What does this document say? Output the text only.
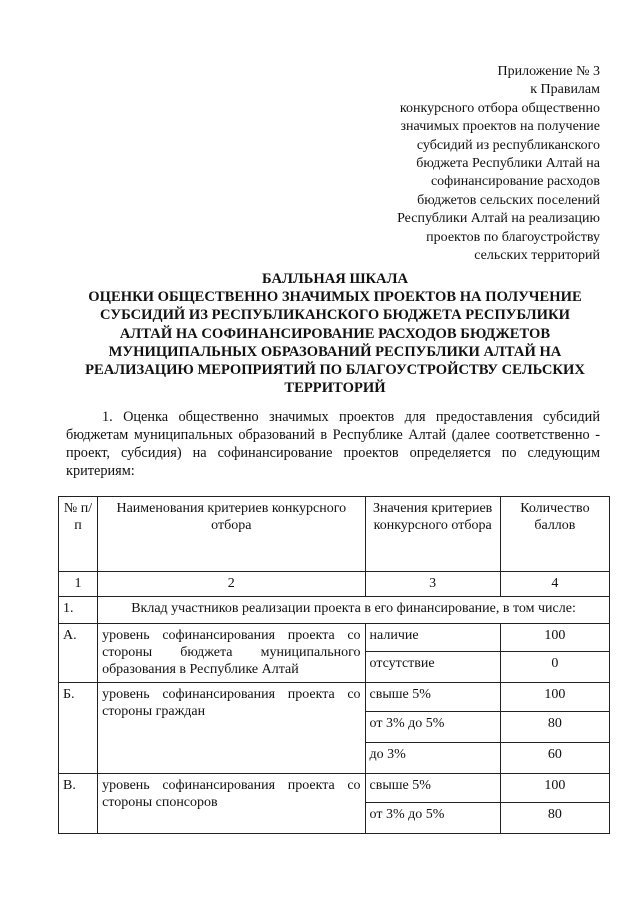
Приложение № 3
к Правилам
конкурсного отбора общественно
значимых проектов на получение
субсидий из республиканского
бюджета Республики Алтай на
софинансирование расходов
бюджетов сельских поселений
Республики Алтай на реализацию
проектов по благоустройству
сельских территорий
БАЛЛЬНАЯ ШКАЛА
ОЦЕНКИ ОБЩЕСТВЕННО ЗНАЧИМЫХ ПРОЕКТОВ НА ПОЛУЧЕНИЕ
СУБСИДИЙ ИЗ РЕСПУБЛИКАНСКОГО БЮДЖЕТА РЕСПУБЛИКИ
АЛТАЙ НА СОФИНАНСИРОВАНИЕ РАСХОДОВ БЮДЖЕТОВ
МУНИЦИПАЛЬНЫХ ОБРАЗОВАНИЙ РЕСПУБЛИКИ АЛТАЙ НА
РЕАЛИЗАЦИЮ МЕРОПРИЯТИЙ ПО БЛАГОУСТРОЙСТВУ СЕЛЬСКИХ
ТЕРРИТОРИЙ
1. Оценка общественно значимых проектов для предоставления субсидий бюджетам муниципальных образований в Республике Алтай (далее соответственно - проект, субсидия) на софинансирование проектов определяется по следующим критериям:
№ п/п	Наименования критериев конкурсного отбора	Значения критериев конкурсного отбора	Количество баллов
1	2	3	4
1.	Вклад участников реализации проекта в его финансирование, в том числе:		
А.	уровень софинансирования проекта со стороны бюджета муниципального образования в Республике Алтай	наличие	100
		отсутствие	0
Б.	уровень софинансирования проекта со стороны граждан	свыше 5%	100
		от 3% до 5%	80
		до 3%	60
В.	уровень софинансирования проекта со стороны спонсоров	свыше 5%	100
		от 3% до 5%	80
